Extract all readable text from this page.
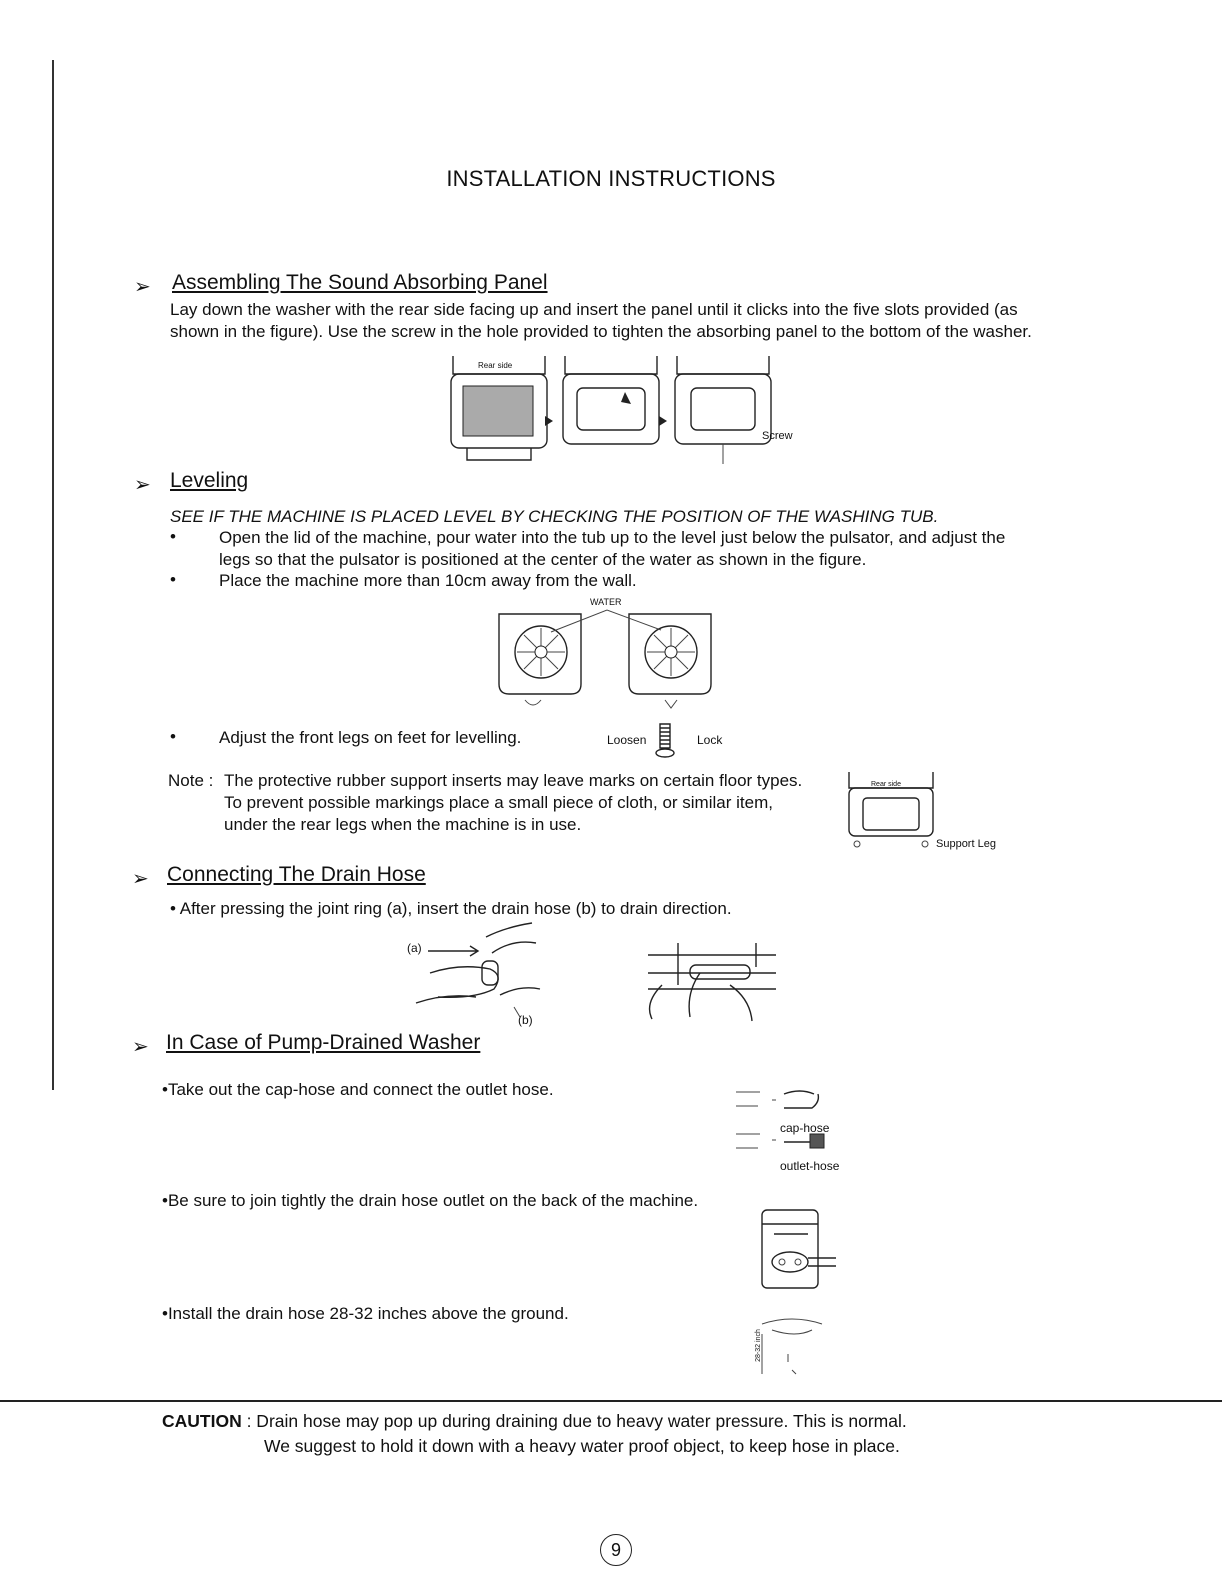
INSTALLATION INSTRUCTIONS
➢ Assembling The Sound Absorbing Panel
Lay down the washer with the rear side facing up and insert the panel until it clicks into the five slots provided (as
shown in the figure). Use the screw in the hole provided to tighten the absorbing panel to the bottom of the washer.
Rear side
Screw
➢ Leveling
SEE IF THE MACHINE IS PLACED LEVEL BY CHECKING THE POSITION OF THE WASHING TUB.
•	Open the lid of the machine, pour water into the tub up to the level just below the pulsator, and adjust the
legs so that the pulsator is positioned at the center of the water as shown in the figure.
•	Place the machine more than 10cm away from the wall.
WATER
•	Adjust the front legs on feet for levelling.	Loosen	Lock
Note : The protective rubber support inserts may leave marks on certain floor types.
To prevent possible markings place a small piece of cloth, or similar item,
under the rear legs when the machine is in use.
Rear side
Support Leg
➢ Connecting The Drain Hose
• After pressing the joint ring (a), insert the drain hose (b) to drain direction.
(a)
(b)
➢ In Case of Pump-Drained Washer
•Take out the cap-hose and connect the outlet hose.
cap-hose
outlet-hose
•Be sure to join tightly the drain hose outlet on the back of the machine.
•Install the drain hose 28-32 inches above the ground.
28-32 inch
CAUTION : Drain hose may pop up during draining due to heavy water pressure. This is normal.
We suggest to hold it down with a heavy water proof object, to keep hose in place.
9
